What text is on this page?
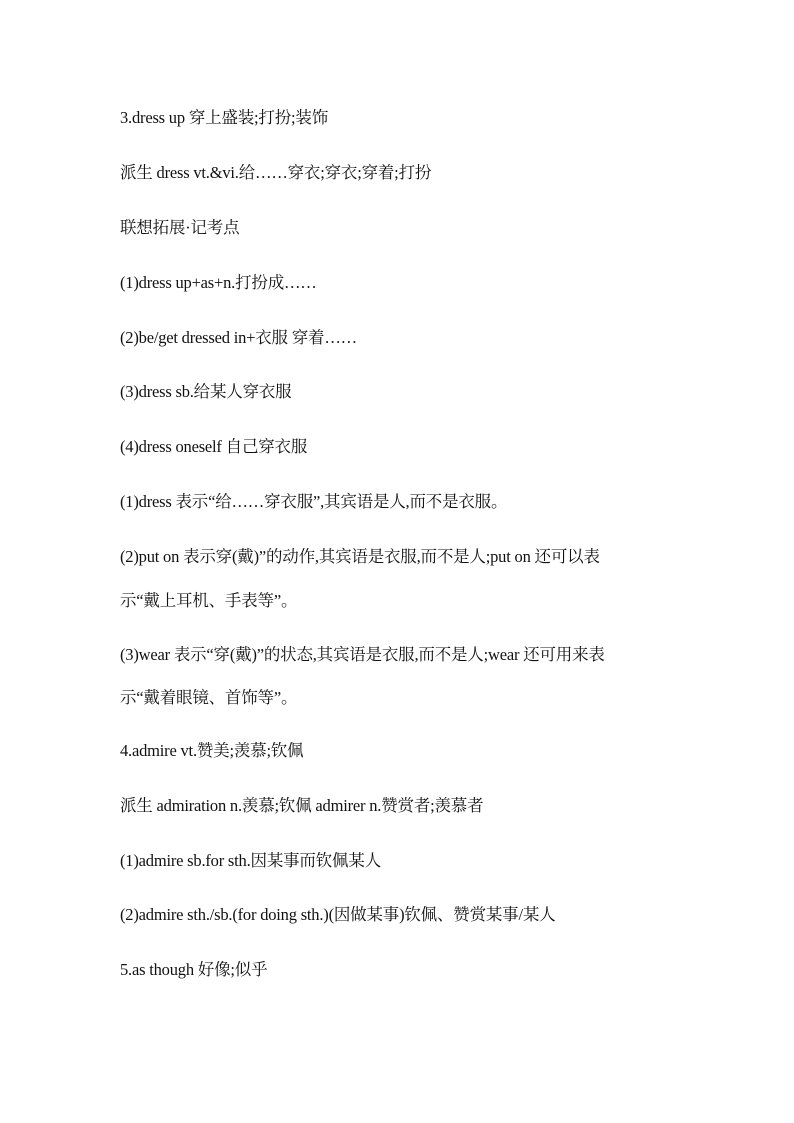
3.dress up 穿上盛装;打扮;装饰
派生 dress vt.&vi.给……穿衣;穿衣;穿着;打扮
联想拓展·记考点
(1)dress up+as+n.打扮成……
(2)be/get dressed in+衣服 穿着……
(3)dress sb.给某人穿衣服
(4)dress oneself 自己穿衣服
(1)dress 表示“给……穿衣服”,其宾语是人,而不是衣服。
(2)put on 表示穿(戴)”的动作,其宾语是衣服,而不是人;put on 还可以表
示“戴上耳机、手表等”。
(3)wear 表示“穿(戴)”的状态,其宾语是衣服,而不是人;wear 还可用来表
示“戴着眼镜、首饰等”。
4.admire vt.赞美;羡慕;钦佩
派生 admiration n.羡慕;钦佩 admirer n.赞赏者;羡慕者
(1)admire sb.for sth.因某事而钦佩某人
(2)admire sth./sb.(for doing sth.)(因做某事)钦佩、赞赏某事/某人
5.as though 好像;似乎
